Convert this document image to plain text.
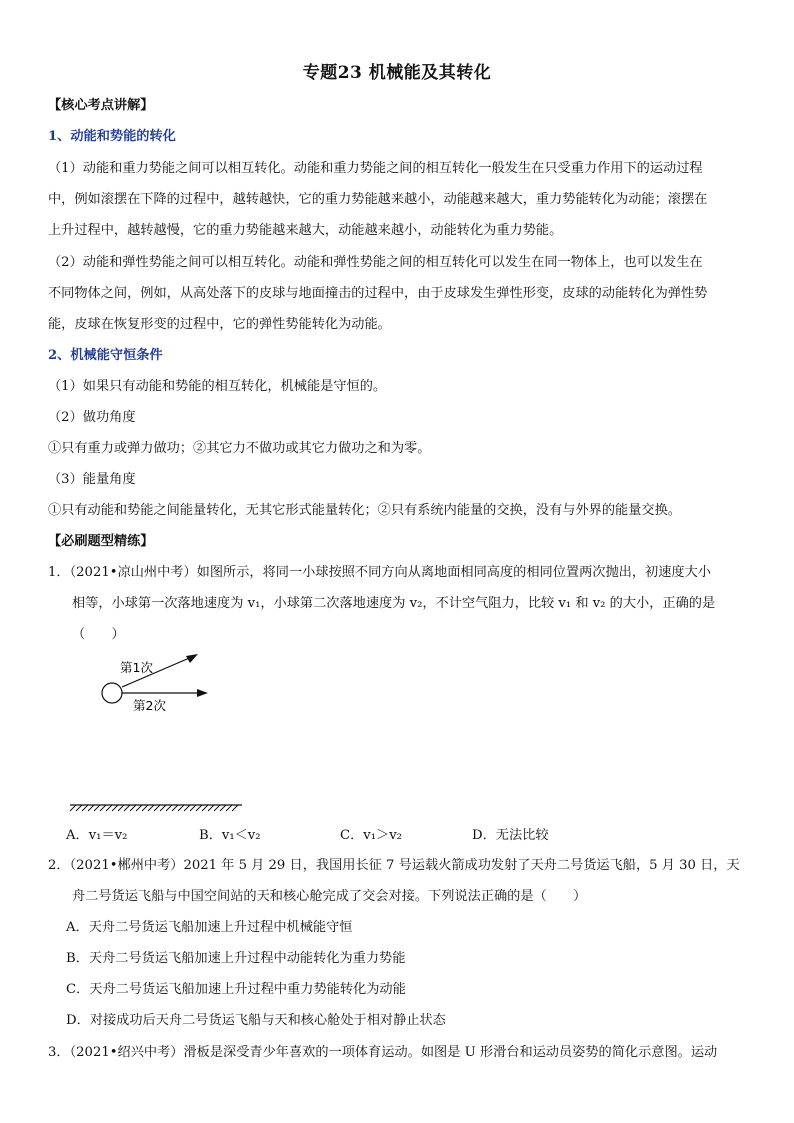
专题23 机械能及其转化
【核心考点讲解】
1、动能和势能的转化
（1）动能和重力势能之间可以相互转化。动能和重力势能之间的相互转化一般发生在只受重力作用下的运动过程
中，例如滚摆在下降的过程中，越转越快，它的重力势能越来越小，动能越来越大，重力势能转化为动能；滚摆在
上升过程中，越转越慢，它的重力势能越来越大，动能越来越小，动能转化为重力势能。
（2）动能和弹性势能之间可以相互转化。动能和弹性势能之间的相互转化可以发生在同一物体上，也可以发生在
不同物体之间，例如，从高处落下的皮球与地面撞击的过程中，由于皮球发生弹性形变，皮球的动能转化为弹性势
能，皮球在恢复形变的过程中，它的弹性势能转化为动能。
2、机械能守恒条件
（1）如果只有动能和势能的相互转化，机械能是守恒的。
（2）做功角度
①只有重力或弹力做功；②其它力不做功或其它力做功之和为零。
（3）能量角度
①只有动能和势能之间能量转化，无其它形式能量转化；②只有系统内能量的交换，没有与外界的能量交换。
【必刷题型精练】
1．（2021•凉山州中考）如图所示，将同一小球按照不同方向从离地面相同高度的相同位置两次抛出，初速度大小
相等，小球第一次落地速度为 v₁，小球第二次落地速度为 v₂，不计空气阻力，比较 v₁ 和 v₂ 的大小，正确的是
（　　）
第1次
第2次
A．v₁＝v₂	B．v₁＜v₂	C．v₁＞v₂	D．无法比较
2．（2021•郴州中考）2021 年 5 月 29 日，我国用长征 7 号运载火箭成功发射了天舟二号货运飞船，5 月 30 日，天
舟二号货运飞船与中国空间站的天和核心舱完成了交会对接。下列说法正确的是（　　）
A．天舟二号货运飞船加速上升过程中机械能守恒
B．天舟二号货运飞船加速上升过程中动能转化为重力势能
C．天舟二号货运飞船加速上升过程中重力势能转化为动能
D．对接成功后天舟二号货运飞船与天和核心舱处于相对静止状态
3．（2021•绍兴中考）滑板是深受青少年喜欢的一项体育运动。如图是 U 形滑台和运动员姿势的简化示意图。运动
